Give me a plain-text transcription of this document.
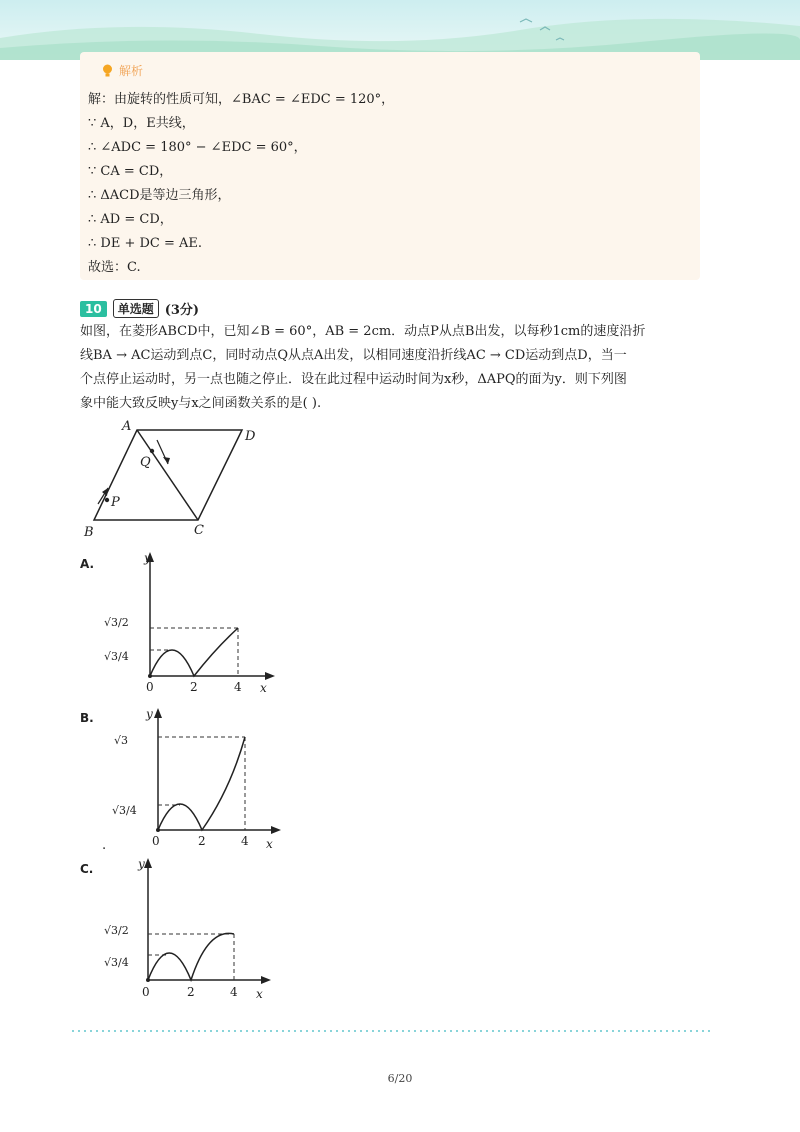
解析
解：由旋转的性质可知，∠BAC = ∠EDC = 120°，
∵ A，D，E共线，
∴ ∠ADC = 180° − ∠EDC = 60°，
∵ CA = CD，
∴ ΔACD是等边三角形，
∴ AD = CD，
∴ DE + DC = AE.
故选：C.
10	单选题 (3分)
如图，在菱形ABCD中，已知∠B = 60°，AB = 2cm．动点P从点B出发，以每秒1cm的速度沿折
线BA → AC运动到点C，同时动点Q从点A出发，以相同速度沿折线AC → CD运动到点D，当一
个点停止运动时，另一点也随之停止．设在此过程中运动时间为x秒，ΔAPQ的面为y．则下列图
象中能大致反映y与x之间函数关系的是( ).
A
D
B	C
Q
P
A.	y
x
0	2	4
√3/2
√3/4
B.	y
x
0	2	4
√3
√3/4
.
C.	y
x
0	2	4
√3/2
√3/4
6/20
